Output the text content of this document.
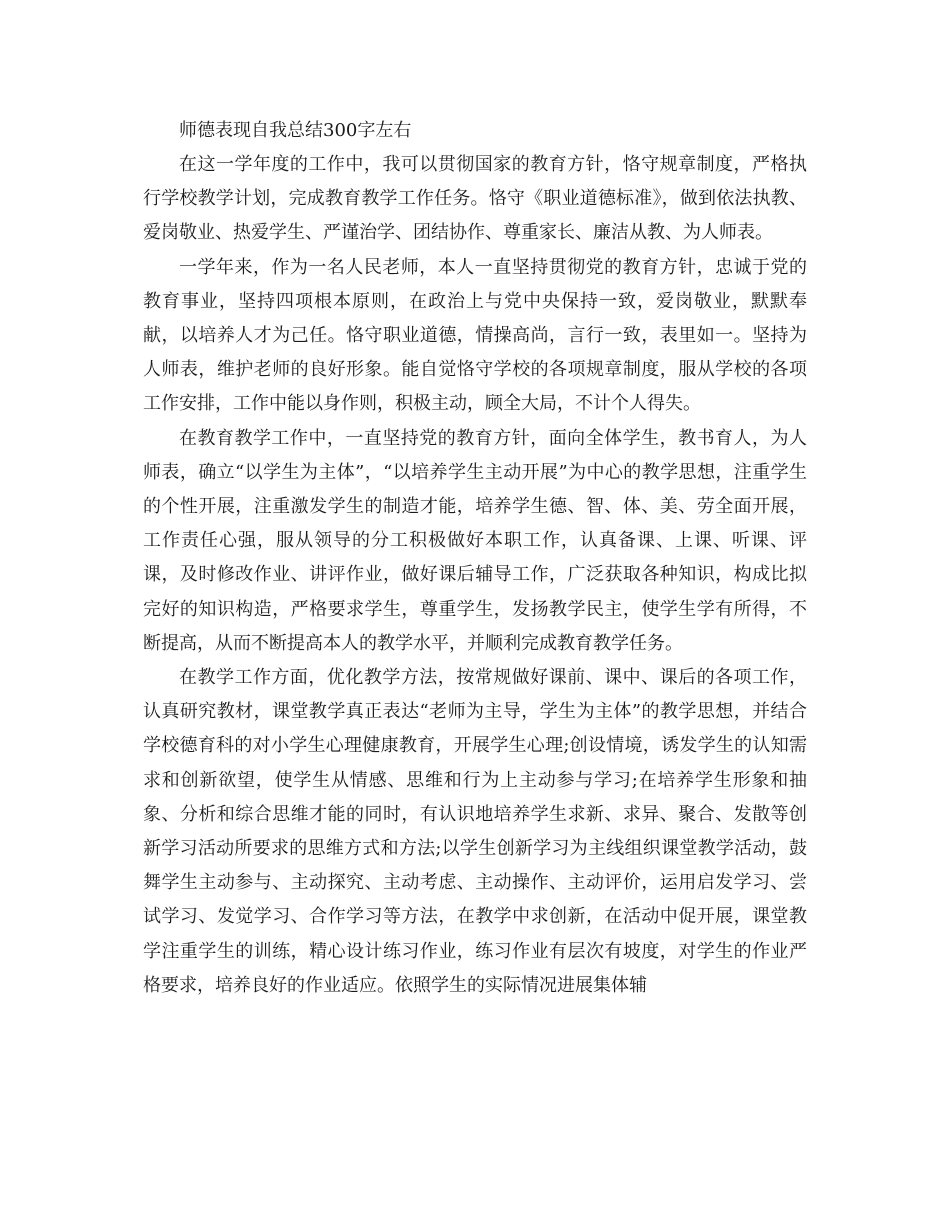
师德表现自我总结300字左右

在这一学年度的工作中，我可以贯彻国家的教育方针，恪守规章制度，严格执行学校教学计划，完成教育教学工作任务。恪守《职业道德标准》，做到依法执教、爱岗敬业、热爱学生、严谨治学、团结协作、尊重家长、廉洁从教、为人师表。

一学年来，作为一名人民老师，本人一直坚持贯彻党的教育方针，忠诚于党的教育事业，坚持四项根本原则，在政治上与党中央保持一致，爱岗敬业，默默奉献，以培养人才为己任。恪守职业道德，情操高尚，言行一致，表里如一。坚持为人师表，维护老师的良好形象。能自觉恪守学校的各项规章制度，服从学校的各项工作安排，工作中能以身作则，积极主动，顾全大局，不计个人得失。

在教育教学工作中，一直坚持党的教育方针，面向全体学生，教书育人，为人师表，确立“以学生为主体”，“以培养学生主动开展”为中心的教学思想，注重学生的个性开展，注重激发学生的制造才能，培养学生德、智、体、美、劳全面开展，工作责任心强，服从领导的分工积极做好本职工作，认真备课、上课、听课、评课，及时修改作业、讲评作业，做好课后辅导工作，广泛获取各种知识，构成比拟完好的知识构造，严格要求学生，尊重学生，发扬教学民主，使学生学有所得，不断提高，从而不断提高本人的教学水平，并顺利完成教育教学任务。

在教学工作方面，优化教学方法，按常规做好课前、课中、课后的各项工作，认真研究教材，课堂教学真正表达“老师为主导，学生为主体”的教学思想，并结合学校德育科的对小学生心理健康教育，开展学生心理;创设情境，诱发学生的认知需求和创新欲望，使学生从情感、思维和行为上主动参与学习;在培养学生形象和抽象、分析和综合思维才能的同时，有认识地培养学生求新、求异、聚合、发散等创新学习活动所要求的思维方式和方法;以学生创新学习为主线组织课堂教学活动，鼓舞学生主动参与、主动探究、主动考虑、主动操作、主动评价，运用启发学习、尝试学习、发觉学习、合作学习等方法，在教学中求创新，在活动中促开展，课堂教学注重学生的训练，精心设计练习作业，练习作业有层次有坡度，对学生的作业严格要求，培养良好的作业适应。依照学生的实际情况进展集体辅
